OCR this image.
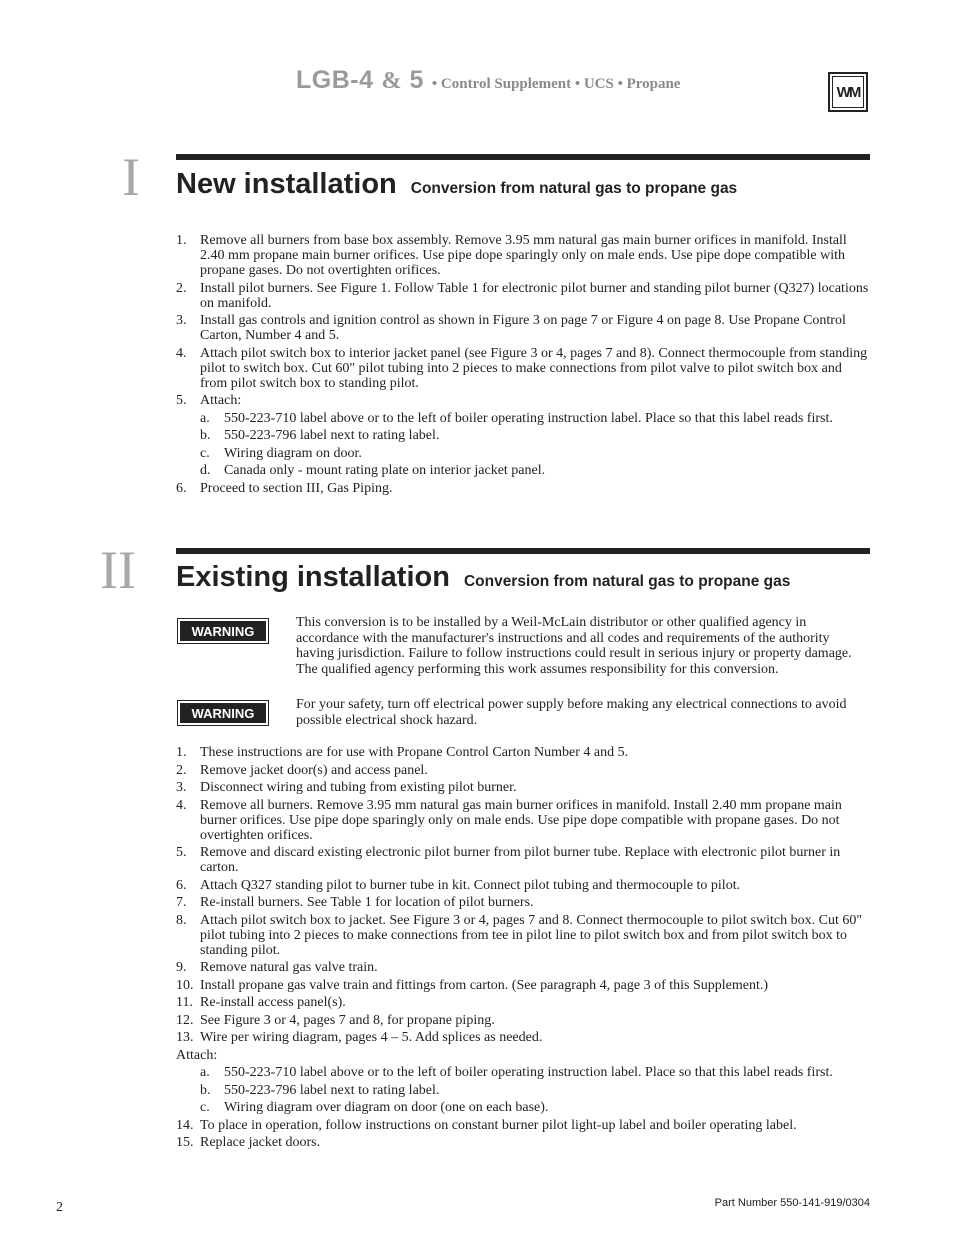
LGB-4 & 5 • Control Supplement • UCS • Propane	WM
I New installation Conversion from natural gas to propane gas
1. Remove all burners from base box assembly. Remove 3.95 mm natural gas main burner orifices in manifold. Install 2.40 mm propane main burner orifices. Use pipe dope sparingly only on male ends. Use pipe dope compatible with propane gases. Do not overtighten orifices.
2. Install pilot burners. See Figure 1. Follow Table 1 for electronic pilot burner and standing pilot burner (Q327) locations on manifold.
3. Install gas controls and ignition control as shown in Figure 3 on page 7 or Figure 4 on page 8. Use Propane Control Carton, Number 4 and 5.
4. Attach pilot switch box to interior jacket panel (see Figure 3 or 4, pages 7 and 8). Connect thermocouple from standing pilot to switch box. Cut 60" pilot tubing into 2 pieces to make connections from pilot valve to pilot switch box and from pilot switch box to standing pilot.
5. Attach:
a.	550-223-710 label above or to the left of boiler operating instruction label. Place so that this label reads first.
b. 550-223-796 label next to rating label.
c.	Wiring diagram on door.
d. Canada only - mount rating plate on interior jacket panel.
6. Proceed to section III, Gas Piping.
II Existing installation Conversion from natural gas to propane gas
WARNING
This conversion is to be installed by a Weil-McLain distributor or other qualified agency in accordance with the manufacturer's instructions and all codes and requirements of the authority having jurisdiction. Failure to follow instructions could result in serious injury or property damage. The qualified agency performing this work assumes responsibility for this conversion.
WARNING
For your safety, turn off electrical power supply before making any electrical connections to avoid possible electrical shock hazard.
1. These instructions are for use with Propane Control Carton Number 4 and 5.
2. Remove jacket door(s) and access panel.
3. Disconnect wiring and tubing from existing pilot burner.
4. Remove all burners. Remove 3.95 mm natural gas main burner orifices in manifold. Install 2.40 mm propane main burner orifices. Use pipe dope sparingly only on male ends. Use pipe dope compatible with propane gases. Do not overtighten orifices.
5. Remove and discard existing electronic pilot burner from pilot burner tube. Replace with electronic pilot burner in carton.
6. Attach Q327 standing pilot to burner tube in kit. Connect pilot tubing and thermocouple to pilot.
7. Re-install burners. See Table 1 for location of pilot burners.
8. Attach pilot switch box to jacket. See Figure 3 or 4, pages 7 and 8. Connect thermocouple to pilot switch box. Cut 60" pilot tubing into 2 pieces to make connections from tee in pilot line to pilot switch box and from pilot switch box to standing pilot.
9. Remove natural gas valve train.
10. Install propane gas valve train and fittings from carton. (See paragraph 4, page 3 of this Supplement.)
11. Re-install access panel(s).
12. See Figure 3 or 4, pages 7 and 8, for propane piping.
13. Wire per wiring diagram, pages 4 – 5. Add splices as needed.
Attach:
a.	550-223-710 label above or to the left of boiler operating instruction label. Place so that this label reads first.
b. 550-223-796 label next to rating label.
c.	Wiring diagram over diagram on door (one on each base).
14. To place in operation, follow instructions on constant burner pilot light-up label and boiler operating label.
15. Replace jacket doors.
2	Part Number 550-141-919/0304
